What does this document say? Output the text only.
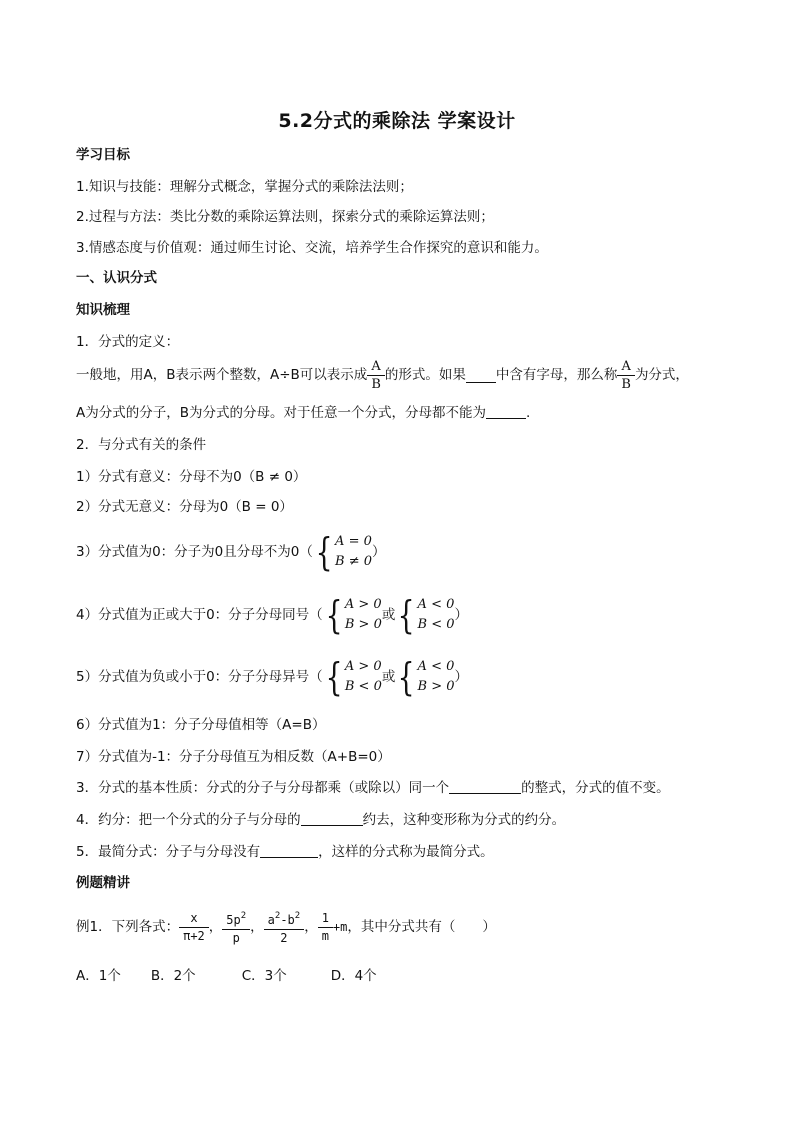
5.2分式的乘除法 学案设计
学习目标
1.知识与技能：理解分式概念，掌握分式的乘除法法则；
2.过程与方法：类比分数的乘除运算法则，探索分式的乘除运算法则；
3.情感态度与价值观：通过师生讨论、交流，培养学生合作探究的意识和能力。
一、认识分式
知识梳理
1．分式的定义：
一般地，用A，B表示两个整数，A÷B可以表示成 $\frac{A}{B}$ 的形式。如果 中含有字母，那么称 $\frac{A}{B}$ 为分式，
A为分式的分子，B为分式的分母。对于任意一个分式，分母都不能为	.
2．与分式有关的条件
1）分式有意义：分母不为0（B ≠ 0）
2）分式无意义：分母为0（B = 0）
3）分式值为0：分子为0且分母不为0（ { A = 0
B ≠ 0
）
4）分式值为正或大于0：分子分母同号（ { A > 0
B > 0
或 { A < 0
B < 0
）
5）分式值为负或小于0：分子分母异号（ { A > 0
B < 0
或 { A < 0
B > 0
）
6）分式值为1：分子分母值相等（A=B）
7）分式值为-1：分子分母值互为相反数（A+B=0）
3．分式的基本性质：分式的分子与分母都乘（或除以）同一个	的整式，分式的值不变。
4．约分：把一个分式的分子与分母的	约去，这种变形称为分式的约分。
5．最简分式：分子与分母没有	，这样的分式称为最简分式。
例题精讲
例1．下列各式： $\frac{x}{\pi+2}$ ， $\frac{5p^2}{p}$ ， $\frac{a^2-b^2}{2}$ ， $\frac{1}{m} +m$，其中分式共有（　　）
A．1个 B．2个	C．3个	D．4个
